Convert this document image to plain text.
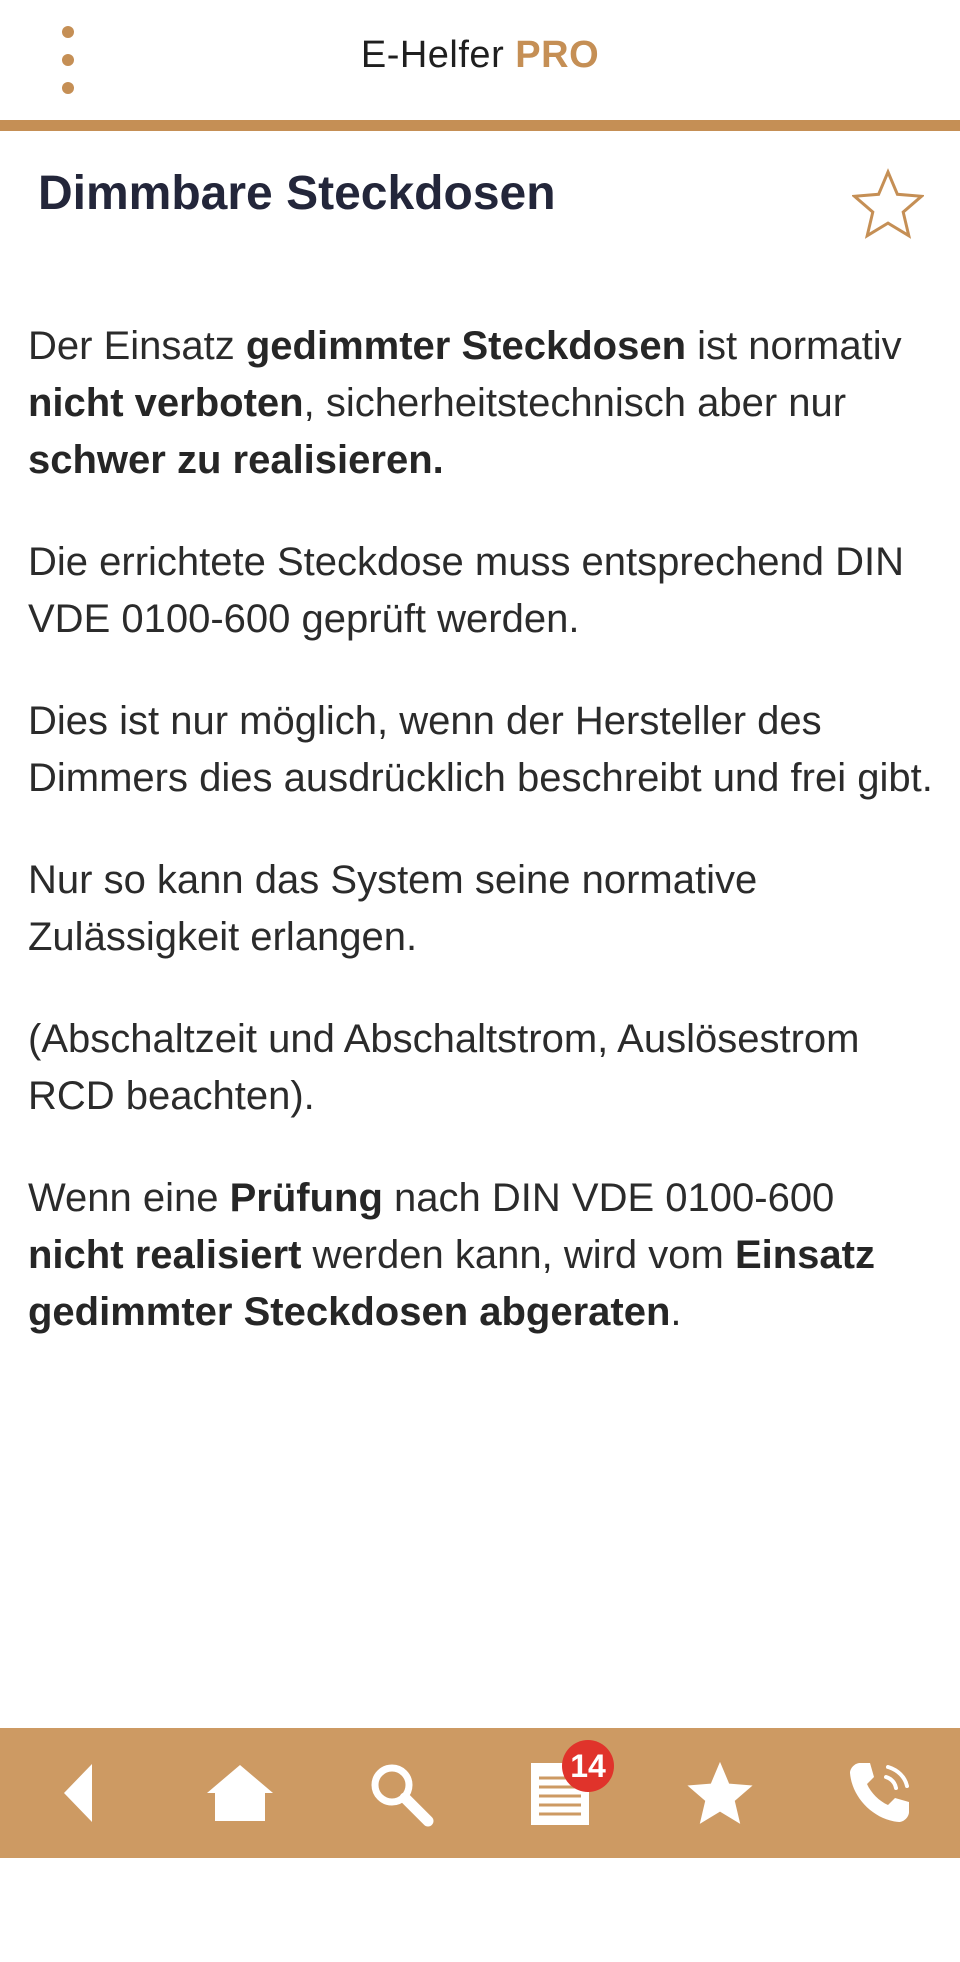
E-Helfer PRO
Dimmbare Steckdosen

Der Einsatz gedimmter Steckdosen ist normativ nicht verboten, sicherheitstechnisch aber nur schwer zu realisieren.

Die errichtete Steckdose muss entsprechend DIN VDE 0100-600 geprüft werden.

Dies ist nur möglich, wenn der Hersteller des Dimmers dies ausdrücklich beschreibt und frei gibt.

Nur so kann das System seine normative Zulässigkeit erlangen.

(Abschaltzeit und Abschaltstrom, Auslösestrom RCD beachten).

Wenn eine Prüfung nach DIN VDE 0100-600 nicht realisiert werden kann, wird vom Einsatz gedimmter Steckdosen abgeraten.

14
